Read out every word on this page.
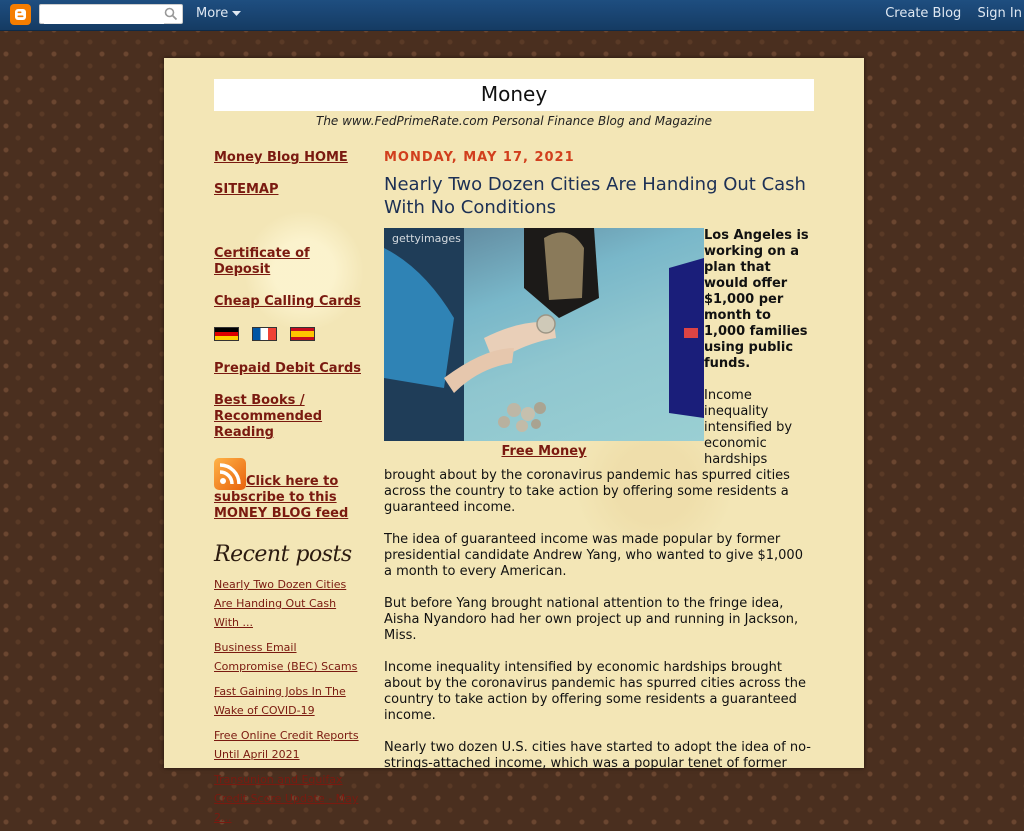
More	Create Blog Sign In
Money
The www.FedPrimeRate.com Personal Finance Blog and Magazine
Money Blog HOME
SITEMAP
Certificate of Deposit
Cheap Calling Cards
Prepaid Debit Cards
Best Books / Recommended Reading
Click here to subscribe to this MONEY BLOG feed
Recent posts
Nearly Two Dozen Cities Are Handing Out Cash With ...
Business Email Compromise (BEC) Scams
Fast Gaining Jobs In The Wake of COVID-19
Free Online Credit Reports Until April 2021
Transunion and Equifax Credit Score Update - May 2...
MONDAY, MAY 17, 2021
Nearly Two Dozen Cities Are Handing Out Cash With No Conditions
gettyimages
Free Money

Los Angeles is working on a plan that would offer $1,000 per month to 1,000 families using public funds.

Income inequality intensified by economic hardships brought about by the coronavirus pandemic has spurred cities across the country to take action by offering some residents a guaranteed income.

The idea of guaranteed income was made popular by former presidential candidate Andrew Yang, who wanted to give $1,000 a month to every American.

But before Yang brought national attention to the fringe idea, Aisha Nyandoro had her own project up and running in Jackson, Miss.

Income inequality intensified by economic hardships brought about by the coronavirus pandemic has spurred cities across the country to take action by offering some residents a guaranteed income.

Nearly two dozen U.S. cities have started to adopt the idea of no-strings-attached income, which was a popular tenet of former
